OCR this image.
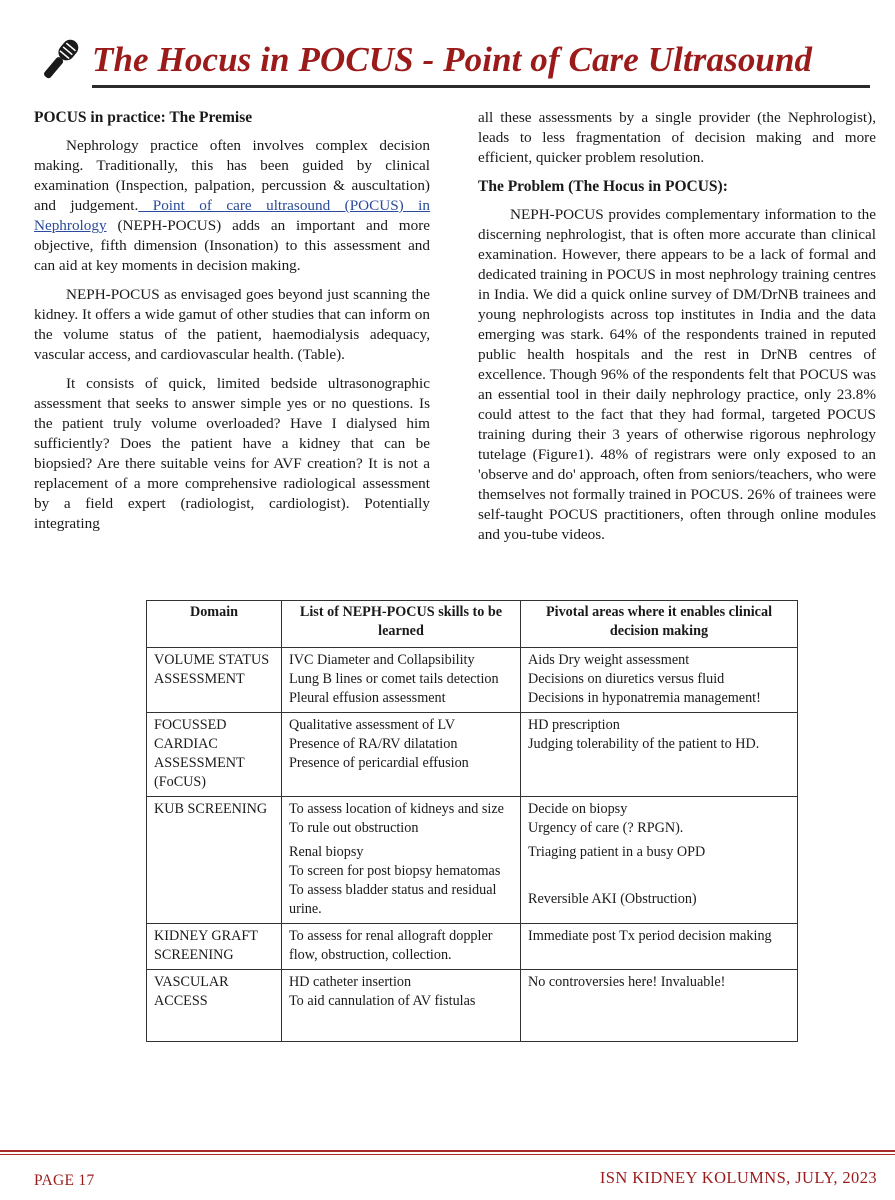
The Hocus in POCUS - Point of Care Ultrasound
POCUS in practice: The Premise

Nephrology practice often involves complex decision making. Traditionally, this has been guided by clinical examination (Inspection, palpation, percussion & auscultation) and judgement. Point of care ultrasound (POCUS) in Nephrology (NEPH-POCUS) adds an important and more objective, fifth dimension (Insonation) to this assessment and can aid at key moments in decision making.

NEPH-POCUS as envisaged goes beyond just scanning the kidney. It offers a wide gamut of other studies that can inform on the volume status of the patient, haemodialysis adequacy, vascular access, and cardiovascular health. (Table).

It consists of quick, limited bedside ultrasonographic assessment that seeks to answer simple yes or no questions. Is the patient truly volume overloaded? Have I dialysed him sufficiently? Does the patient have a kidney that can be biopsied? Are there suitable veins for AVF creation? It is not a replacement of a more comprehensive radiological assessment by a field expert (radiologist, cardiologist). Potentially integrating

all these assessments by a single provider (the Nephrologist), leads to less fragmentation of decision making and more efficient, quicker problem resolution.

The Problem (The Hocus in POCUS):

NEPH-POCUS provides complementary information to the discerning nephrologist, that is often more accurate than clinical examination. However, there appears to be a lack of formal and dedicated training in POCUS in most nephrology training centres in India. We did a quick online survey of DM/DrNB trainees and young nephrologists across top institutes in India and the data emerging was stark. 64% of the respondents trained in reputed public health hospitals and the rest in DrNB centres of excellence. Though 96% of the respondents felt that POCUS was an essential tool in their daily nephrology practice, only 23.8% could attest to the fact that they had formal, targeted POCUS training during their 3 years of otherwise rigorous nephrology tutelage (Figure1). 48% of registrars were only exposed to an 'observe and do' approach, often from seniors/teachers, who were themselves not formally trained in POCUS. 26% of trainees were self-taught POCUS practitioners, often through online modules and you-tube videos.

Domain	List of NEPH-POCUS skills to be learned	Pivotal areas where it enables clinical decision making
VOLUME STATUS ASSESSMENT	IVC Diameter and Collapsibility
Lung B lines or comet tails detection
Pleural effusion assessment	Aids Dry weight assessment
Decisions on diuretics versus fluid
Decisions in hyponatremia management!

FOCUSSED CARDIAC ASSESSMENT (FoCUS)	Qualitative assessment of LV
Presence of RA/RV dilatation
Presence of pericardial effusion	HD prescription
Judging tolerability of the patient to HD.

KUB SCREENING	To assess location of kidneys and size
To rule out obstruction
Renal biopsy
To screen for post biopsy hematomas
To assess bladder status and residual urine.	Decide on biopsy
Urgency of care (? RPGN).
Triaging patient in a busy OPD
Reversible AKI (Obstruction)

KIDNEY GRAFT SCREENING	To assess for renal allograft doppler flow, obstruction, collection.	Immediate post Tx period decision making

VASCULAR ACCESS	HD catheter insertion
To aid cannulation of AV fistulas	No controversies here! Invaluable!
PAGE 17	ISN KIDNEY KOLUMNS, JULY, 2023
